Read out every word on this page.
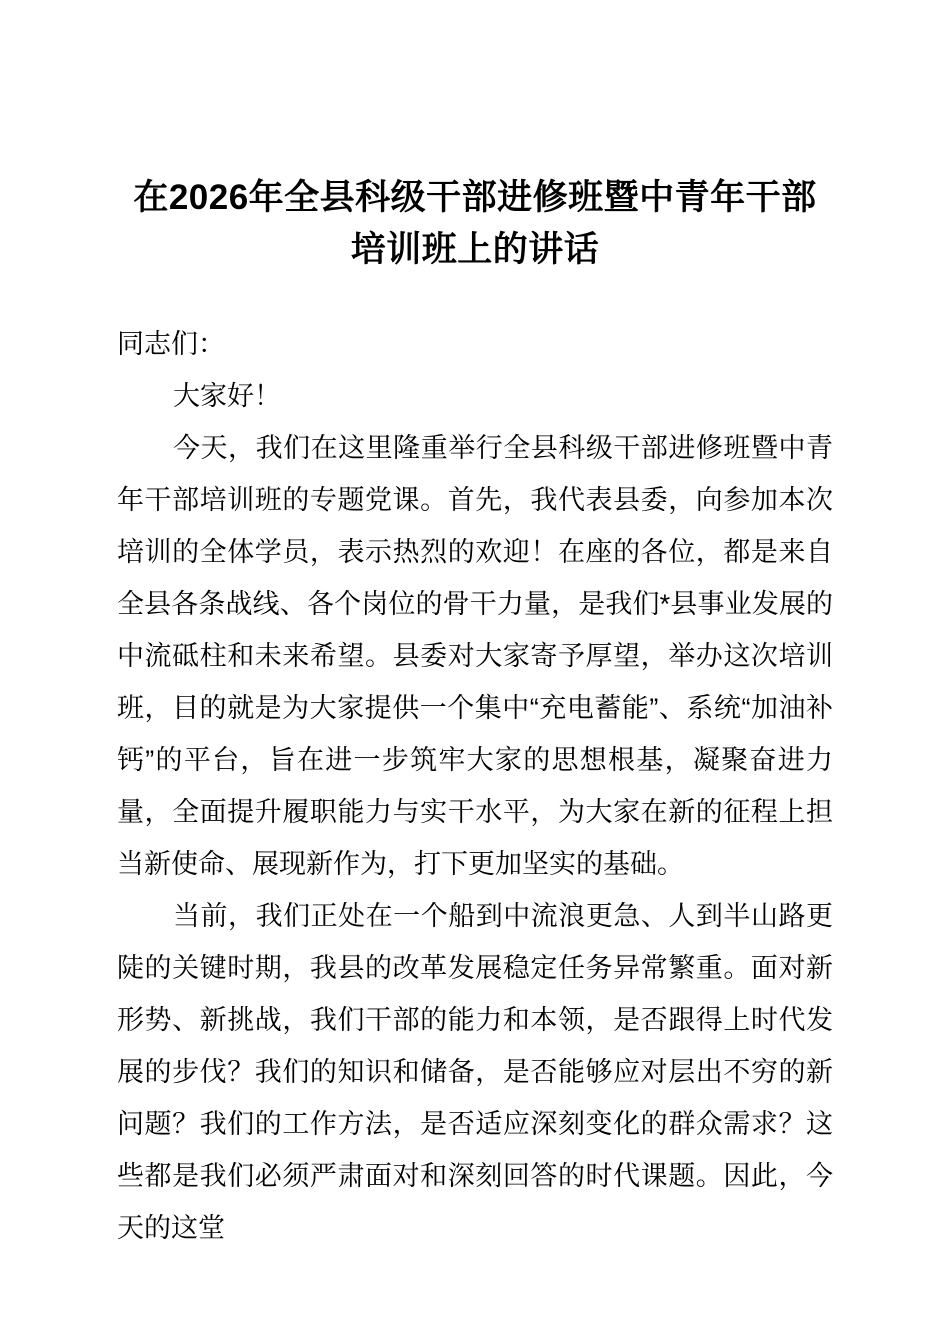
在2026年全县科级干部进修班暨中青年干部培训班上的讲话

同志们：

大家好！

今天，我们在这里隆重举行全县科级干部进修班暨中青年干部培训班的专题党课。首先，我代表县委，向参加本次培训的全体学员，表示热烈的欢迎！在座的各位，都是来自全县各条战线、各个岗位的骨干力量，是我们*县事业发展的中流砥柱和未来希望。县委对大家寄予厚望，举办这次培训班，目的就是为大家提供一个集中“充电蓄能”、系统“加油补钙”的平台，旨在进一步筑牢大家的思想根基，凝聚奋进力量，全面提升履职能力与实干水平，为大家在新的征程上担当新使命、展现新作为，打下更加坚实的基础。

当前，我们正处在一个船到中流浪更急、人到半山路更陡的关键时期，我县的改革发展稳定任务异常繁重。面对新形势、新挑战，我们干部的能力和本领，是否跟得上时代发展的步伐？我们的知识和储备，是否能够应对层出不穷的新问题？我们的工作方法，是否适应深刻变化的群众需求？这些都是我们必须严肃面对和深刻回答的时代课题。因此，今天的这堂
